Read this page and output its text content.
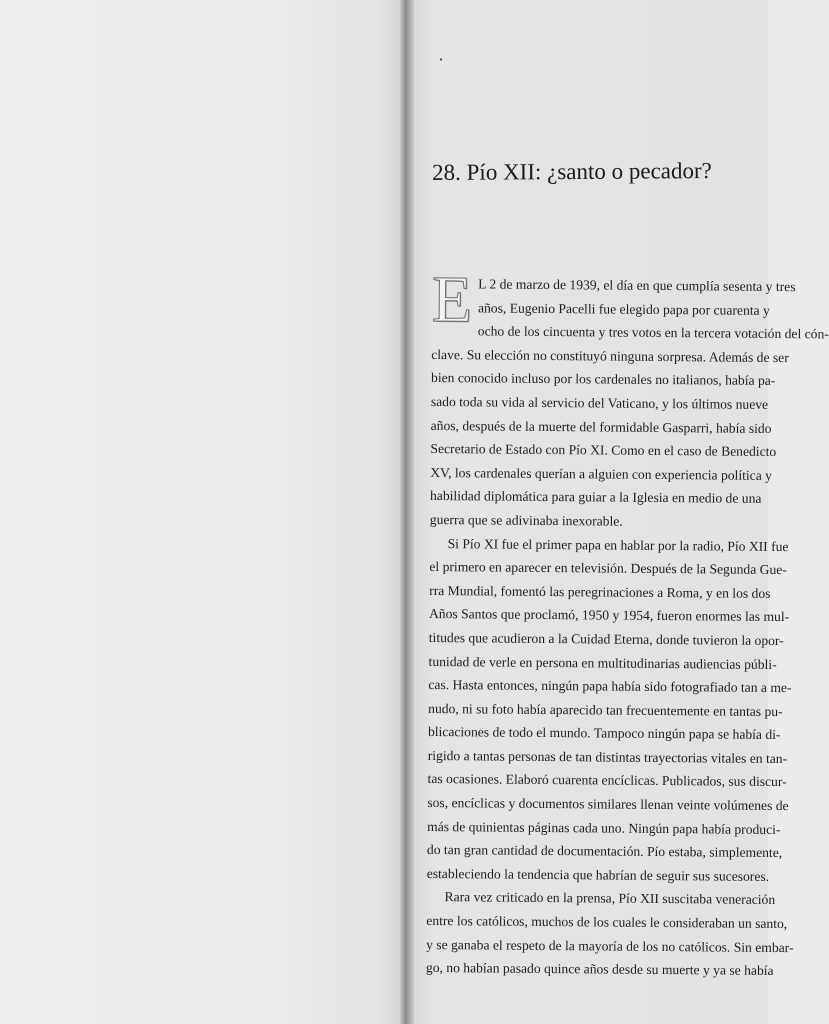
28. Pío XII: ¿santo o pecador?
E L 2 de marzo de 1939, el día en que cumplía sesenta y tres
años, Eugenio Pacelli fue elegido papa por cuarenta y
ocho de los cincuenta y tres votos en la tercera votación del cón-
clave. Su elección no constituyó ninguna sorpresa. Además de ser
bien conocido incluso por los cardenales no italianos, había pa-
sado toda su vida al servicio del Vaticano, y los últimos nueve
años, después de la muerte del formidable Gasparri, había sido
Secretario de Estado con Pío XI. Como en el caso de Benedicto
XV, los cardenales querían a alguien con experiencia política y
habilidad diplomática para guiar a la Iglesia en medio de una
guerra que se adivinaba inexorable.
Si Pío XI fue el primer papa en hablar por la radio, Pío XII fue
el primero en aparecer en televisión. Después de la Segunda Gue-
rra Mundial, fomentó las peregrinaciones a Roma, y en los dos
Años Santos que proclamó, 1950 y 1954, fueron enormes las mul-
titudes que acudieron a la Cuidad Eterna, donde tuvieron la opor-
tunidad de verle en persona en multitudinarias audiencias públi-
cas. Hasta entonces, ningún papa había sido fotografiado tan a me-
nudo, ni su foto había aparecido tan frecuentemente en tantas pu-
blicaciones de todo el mundo. Tampoco ningún papa se había di-
rigido a tantas personas de tan distintas trayectorias vitales en tan-
tas ocasiones. Elaboró cuarenta encíclicas. Publicados, sus discur-
sos, encíclicas y documentos similares llenan veinte volúmenes de
más de quinientas páginas cada uno. Ningún papa había produci-
do tan gran cantidad de documentación. Pío estaba, simplemente,
estableciendo la tendencia que habrían de seguir sus sucesores.
Rara vez criticado en la prensa, Pío XII suscitaba veneración
entre los católicos, muchos de los cuales le consideraban un santo,
y se ganaba el respeto de la mayoría de los no católicos. Sin embar-
go, no habían pasado quince años desde su muerte y ya se había
